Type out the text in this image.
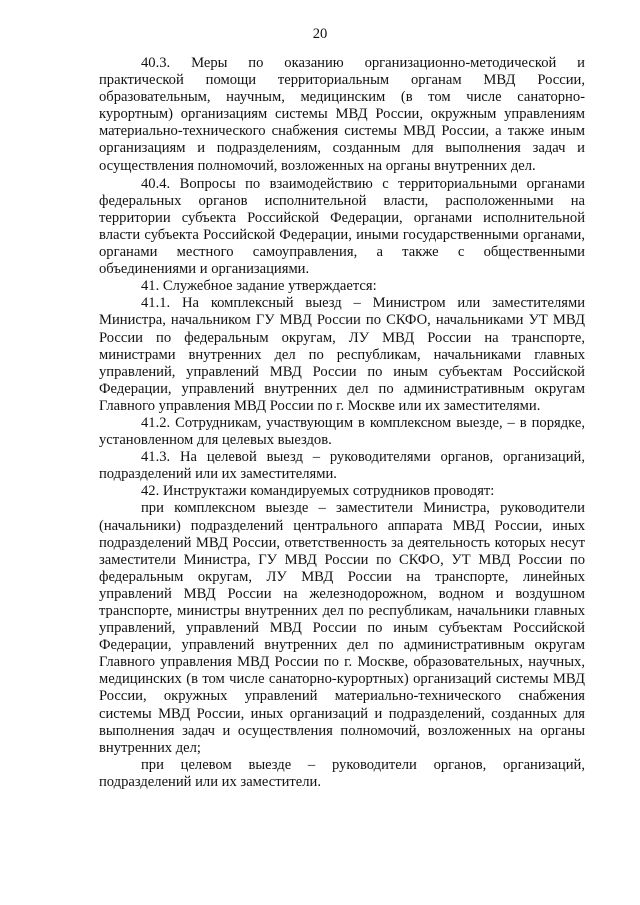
20

40.3. Меры по оказанию организационно-методической и практической помощи территориальным органам МВД России, образовательным, научным, медицинским (в том числе санаторно-курортным) организациям системы МВД России, окружным управлениям материально-технического снабжения системы МВД России, а также иным организациям и подразделениям, созданным для выполнения задач и осуществления полномочий, возложенных на органы внутренних дел.

40.4. Вопросы по взаимодействию с территориальными органами федеральных органов исполнительной власти, расположенными на территории субъекта Российской Федерации, органами исполнительной власти субъекта Российской Федерации, иными государственными органами, органами местного самоуправления, а также с общественными объединениями и организациями.

41. Служебное задание утверждается:

41.1. На комплексный выезд – Министром или заместителями Министра, начальником ГУ МВД России по СКФО, начальниками УТ МВД России по федеральным округам, ЛУ МВД России на транспорте, министрами внутренних дел по республикам, начальниками главных управлений, управлений МВД России по иным субъектам Российской Федерации, управлений внутренних дел по административным округам Главного управления МВД России по г. Москве или их заместителями.

41.2. Сотрудникам, участвующим в комплексном выезде, – в порядке, установленном для целевых выездов.

41.3. На целевой выезд – руководителями органов, организаций, подразделений или их заместителями.

42. Инструктажи командируемых сотрудников проводят:

при комплексном выезде – заместители Министра, руководители (начальники) подразделений центрального аппарата МВД России, иных подразделений МВД России, ответственность за деятельность которых несут заместители Министра, ГУ МВД России по СКФО, УТ МВД России по федеральным округам, ЛУ МВД России на транспорте, линейных управлений МВД России на железнодорожном, водном и воздушном транспорте, министры внутренних дел по республикам, начальники главных управлений, управлений МВД России по иным субъектам Российской Федерации, управлений внутренних дел по административным округам Главного управления МВД России по г. Москве, образовательных, научных, медицинских (в том числе санаторно-курортных) организаций системы МВД России, окружных управлений материально-технического снабжения системы МВД России, иных организаций и подразделений, созданных для выполнения задач и осуществления полномочий, возложенных на органы внутренних дел;

при целевом выезде – руководители органов, организаций, подразделений или их заместители.
